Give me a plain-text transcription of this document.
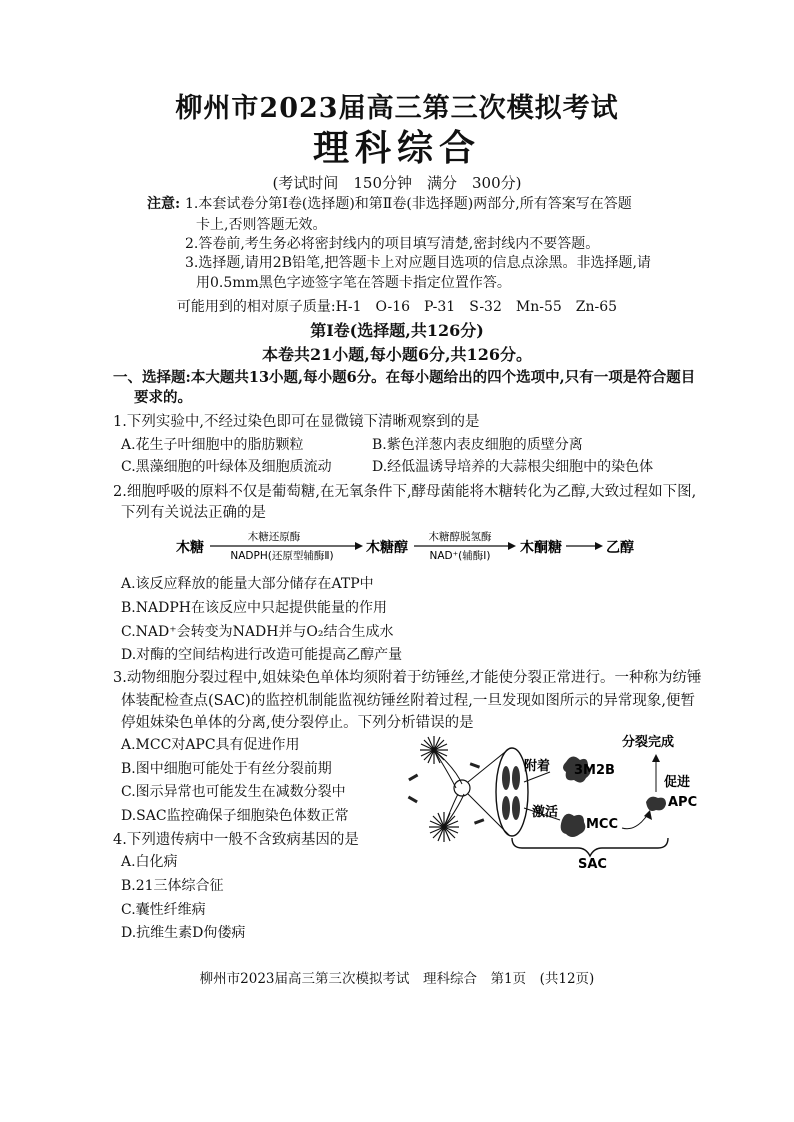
柳州市2023届高三第三次模拟考试
理科综合
(考试时间　150分钟　满分　300分)
注意: 1.本套试卷分第Ⅰ卷(选择题)和第Ⅱ卷(非选择题)两部分,所有答案写在答题
卡上,否则答题无效。
2.答卷前,考生务必将密封线内的项目填写清楚,密封线内不要答题。
3.选择题,请用2B铅笔,把答题卡上对应题目选项的信息点涂黑。非选择题,请
用0.5mm黑色字迹签字笔在答题卡指定位置作答。
可能用到的相对原子质量:H-1　O-16　P-31　S-32　Mn-55　Zn-65
第Ⅰ卷(选择题,共126分)
本卷共21小题,每小题6分,共126分。
一、选择题:本大题共13小题,每小题6分。在每小题给出的四个选项中,只有一项是符合题目
要求的。
1.下列实验中,不经过染色即可在显微镜下清晰观察到的是
A.花生子叶细胞中的脂肪颗粒	B.紫色洋葱内表皮细胞的质壁分离
C.黑藻细胞的叶绿体及细胞质流动	D.经低温诱导培养的大蒜根尖细胞中的染色体
2.细胞呼吸的原料不仅是葡萄糖,在无氧条件下,酵母菌能将木糖转化为乙醇,大致过程如下图,
下列有关说法正确的是
木糖
木糖还原酶
NADPH(还原型辅酶Ⅱ) 木糖醇
木糖醇脱氢酶
NAD⁺(辅酶Ⅰ) 木酮糖	乙醇
A.该反应释放的能量大部分储存在ATP中
B.NADPH在该反应中只起提供能量的作用
C.NAD⁺会转变为NADH并与O₂结合生成水
D.对酶的空间结构进行改造可能提高乙醇产量
3.动物细胞分裂过程中,姐妹染色单体均须附着于纺锤丝,才能使分裂正常进行。一种称为纺锤
体装配检查点(SAC)的监控机制能监视纺锤丝附着过程,一旦发现如图所示的异常现象,便暂
停姐妹染色单体的分离,使分裂停止。下列分析错误的是
A.MCC对APC具有促进作用
B.图中细胞可能处于有丝分裂前期
C.图示异常也可能发生在减数分裂中
D.SAC监控确保子细胞染色体数正常
附着 3M2B
激活
MCC
APC
促进
分裂完成
SAC
4.下列遗传病中一般不含致病基因的是
A.白化病
B.21三体综合征
C.囊性纤维病
D.抗维生素D佝偻病
柳州市2023届高三第三次模拟考试　理科综合　第1页　(共12页)
